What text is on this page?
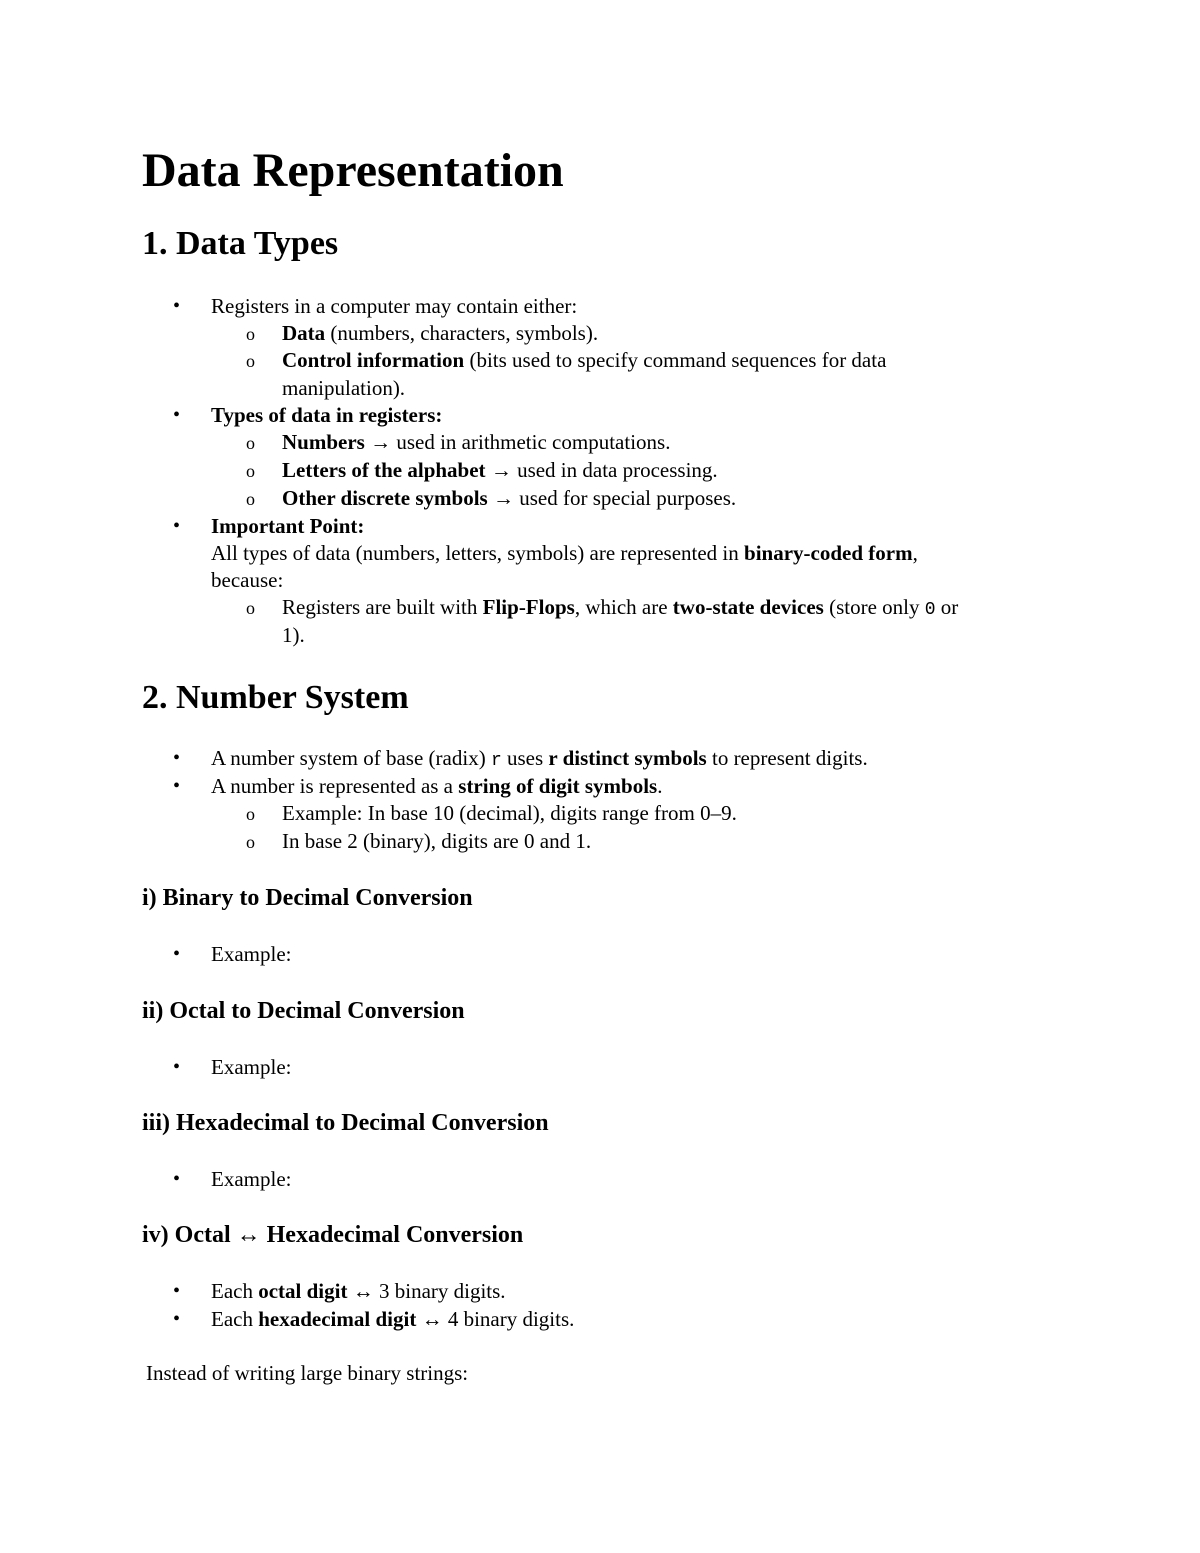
Data Representation
1. Data Types
• Registers in a computer may contain either:
o Data (numbers, characters, symbols).
o Control information (bits used to specify command sequences for data
manipulation).
• Types of data in registers:
o Numbers → used in arithmetic computations.
o Letters of the alphabet → used in data processing.
o Other discrete symbols → used for special purposes.
• Important Point:
All types of data (numbers, letters, symbols) are represented in binary-coded form,
because:
o Registers are built with Flip-Flops, which are two-state devices (store only 0 or
1).
2. Number System
• A number system of base (radix) r uses r distinct symbols to represent digits.
• A number is represented as a string of digit symbols.
o Example: In base 10 (decimal), digits range from 0–9.
o In base 2 (binary), digits are 0 and 1.
i) Binary to Decimal Conversion
• Example:
ii) Octal to Decimal Conversion
• Example:
iii) Hexadecimal to Decimal Conversion
• Example:
iv) Octal ↔ Hexadecimal Conversion
• Each octal digit ↔ 3 binary digits.
• Each hexadecimal digit ↔ 4 binary digits.
Instead of writing large binary strings:
